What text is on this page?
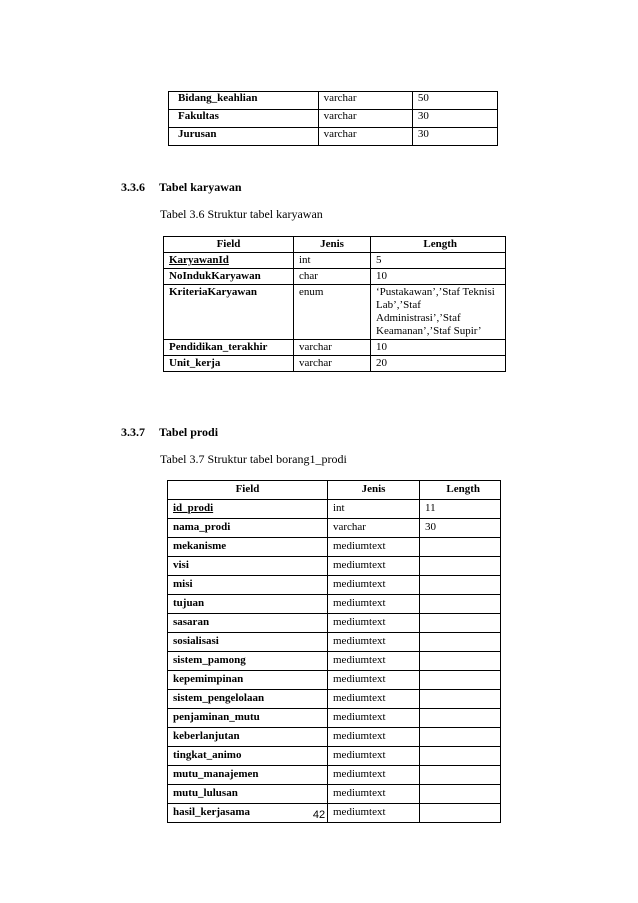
Bidang_keahlian	varchar	50
Fakultas	varchar	30
Jurusan	varchar	30
3.3.6 Tabel karyawan
Tabel 3.6 Struktur tabel karyawan
Field	Jenis	Length
KaryawanId	int	5
NoIndukKaryawan	char	10
KriteriaKaryawan	enum	‘Pustakawan’,’Staf Teknisi Lab’,’Staf Administrasi’,’Staf Keamanan’,’Staf Supir’
Pendidikan_terakhir	varchar	10
Unit_kerja	varchar	20
3.3.7 Tabel prodi
Tabel 3.7 Struktur tabel borang1_prodi
Field	Jenis	Length
id_prodi	int	11
nama_prodi	varchar	30
mekanisme	mediumtext	
visi	mediumtext	
misi	mediumtext	
tujuan	mediumtext	
sasaran	mediumtext	
sosialisasi	mediumtext	
sistem_pamong	mediumtext	
kepemimpinan	mediumtext	
sistem_pengelolaan	mediumtext	
penjaminan_mutu	mediumtext	
keberlanjutan	mediumtext	
tingkat_animo	mediumtext	
mutu_manajemen	mediumtext	
mutu_lulusan	mediumtext	
hasil_kerjasama	mediumtext	
42
